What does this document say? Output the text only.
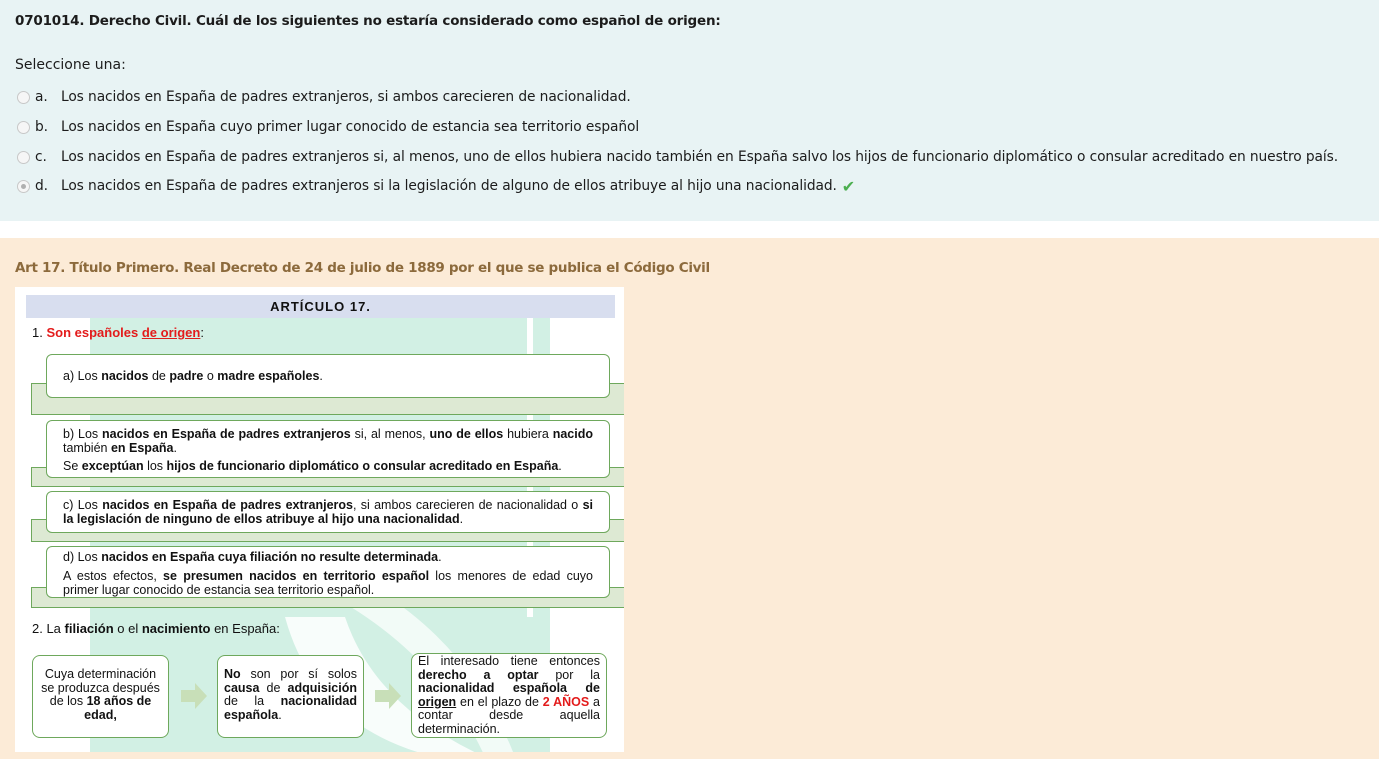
0701014. Derecho Civil. Cuál de los siguientes no estaría considerado como español de origen:
Seleccione una:
a. Los nacidos en España de padres extranjeros, si ambos carecieren de nacionalidad.
b. Los nacidos en España cuyo primer lugar conocido de estancia sea territorio español
c.	Los nacidos en España de padres extranjeros si, al menos, uno de ellos hubiera nacido también en España salvo los hijos de funcionario diplomático o consular acreditado en nuestro país.
d. Los nacidos en España de padres extranjeros si la legislación de alguno de ellos atribuye al hijo una nacionalidad. ✔
Art 17. Título Primero. Real Decreto de 24 de julio de 1889 por el que se publica el Código Civil
ARTÍCULO 17.
1. Son españoles de origen:
a) Los nacidos de padre o madre españoles.

b) Los nacidos en España de padres extranjeros si, al menos, uno de ellos hubiera nacido también en España.

Se exceptúan los hijos de funcionario diplomático o consular acreditado en España.

c) Los nacidos en España de padres extranjeros, si ambos carecieren de nacionalidad o si la legislación de ninguno de ellos atribuye al hijo una nacionalidad.

d) Los nacidos en España cuya filiación no resulte determinada.

A estos efectos, se presumen nacidos en territorio español los menores de edad cuyo primer lugar conocido de estancia sea territorio español.

2. La filiación o el nacimiento en España:
Cuya determinación se produzca después de los 18 años de edad,
No son por sí solos causa de adquisición de la nacionalidad española.
El interesado tiene entonces derecho a optar por la nacionalidad española de origen en el plazo de 2 AÑOS a contar desde aquella determinación.
